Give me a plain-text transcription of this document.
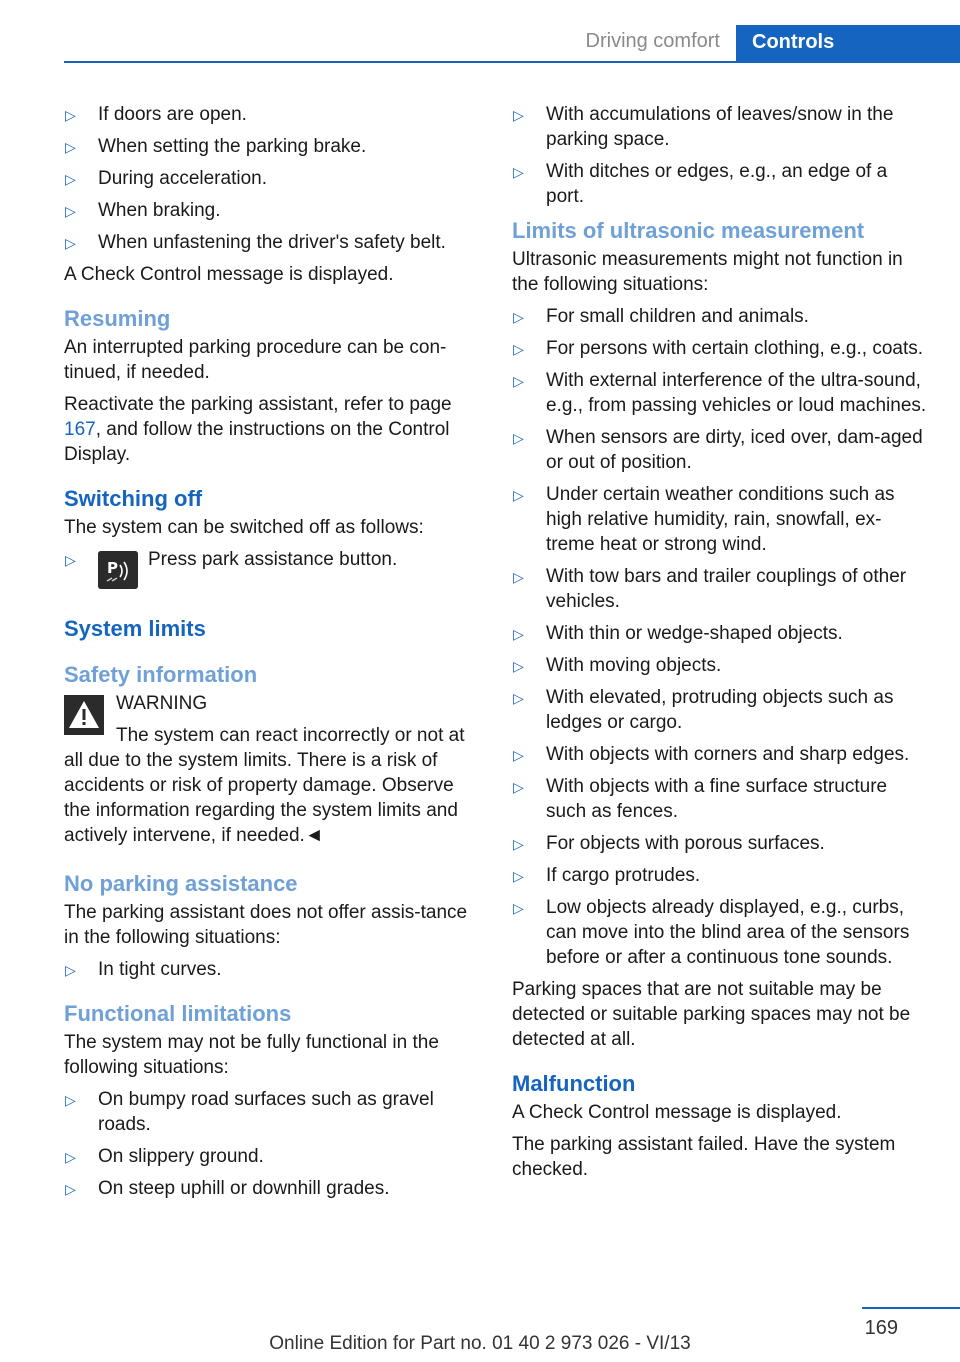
Driving comfort	Controls
▷ If doors are open.
▷ When setting the parking brake.
▷ During acceleration.
▷ When braking.
▷ When unfastening the driver's safety belt.

A Check Control message is displayed.

Resuming

An interrupted parking procedure can be con‐tinued, if needed.

Reactivate the parking assistant, refer to page 167, and follow the instructions on the Control Display.

Switching off

The system can be switched off as follows:

▷ P Press park assistance button.
System limits
Safety information

WARNING

The system can react incorrectly or not at all due to the system limits. There is a risk of accidents or risk of property damage. Observe the information regarding the system limits and actively intervene, if needed.◄

No parking assistance

The parking assistant does not offer assis‐tance in the following situations:

▷ In tight curves.
Functional limitations

The system may not be fully functional in the following situations:

▷ On bumpy road surfaces such as gravel roads.
▷ On slippery ground.
▷ On steep uphill or downhill grades.
▷ With accumulations of leaves/snow in the parking space.
▷ With ditches or edges, e.g., an edge of a port.
Limits of ultrasonic measurement

Ultrasonic measurements might not function in the following situations:

▷ For small children and animals.
▷ For persons with certain clothing, e.g., coats.
▷ With external interference of the ultra‐sound, e.g., from passing vehicles or loud machines.
▷ When sensors are dirty, iced over, dam‐aged or out of position.
▷ Under certain weather conditions such as high relative humidity, rain, snowfall, ex‐treme heat or strong wind.
▷ With tow bars and trailer couplings of other vehicles.
▷ With thin or wedge-shaped objects.
▷ With moving objects.
▷ With elevated, protruding objects such as ledges or cargo.
▷ With objects with corners and sharp edges.
▷ With objects with a fine surface structure such as fences.
▷ For objects with porous surfaces.
▷ If cargo protrudes.
▷ Low objects already displayed, e.g., curbs, can move into the blind area of the sensors before or after a continuous tone sounds.

Parking spaces that are not suitable may be detected or suitable parking spaces may not be detected at all.

Malfunction

A Check Control message is displayed.

The parking assistant failed. Have the system checked.

169
Online Edition for Part no. 01 40 2 973 026 - VI/13
